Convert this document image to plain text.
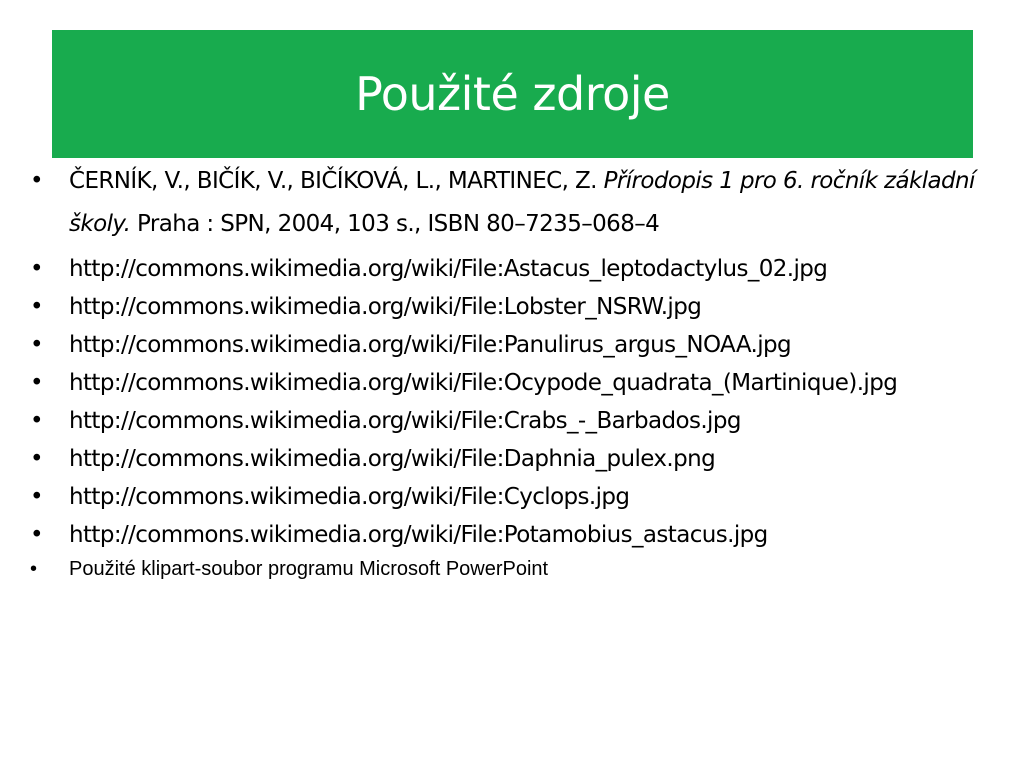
Použité zdroje
• ČERNÍK, V., BIČÍK, V., BIČÍKOVÁ, L., MARTINEC, Z. Přírodopis 1 pro 6. ročník základní školy. Praha : SPN, 2004, 103 s., ISBN 80–7235–068–4
• http://commons.wikimedia.org/wiki/File:Astacus_leptodactylus_02.jpg
• http://commons.wikimedia.org/wiki/File:Lobster_NSRW.jpg
• http://commons.wikimedia.org/wiki/File:Panulirus_argus_NOAA.jpg
• http://commons.wikimedia.org/wiki/File:Ocypode_quadrata_(Martinique).jpg
• http://commons.wikimedia.org/wiki/File:Crabs_-_Barbados.jpg
• http://commons.wikimedia.org/wiki/File:Daphnia_pulex.png
• http://commons.wikimedia.org/wiki/File:Cyclops.jpg
• http://commons.wikimedia.org/wiki/File:Potamobius_astacus.jpg
• Použité klipart-soubor programu Microsoft PowerPoint
